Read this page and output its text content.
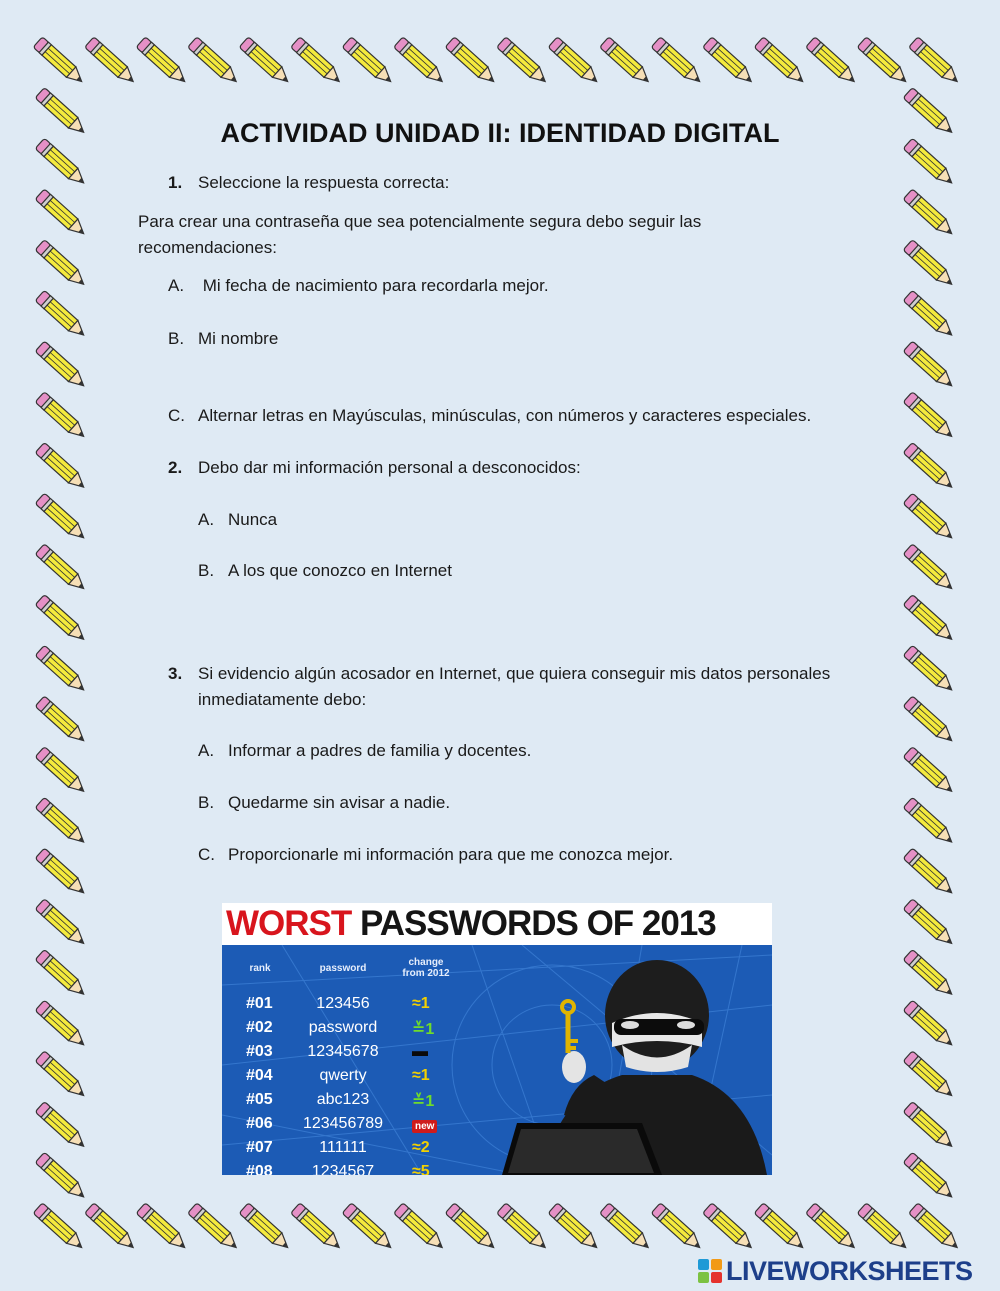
ACTIVIDAD UNIDAD II: IDENTIDAD DIGITAL
1. Seleccione la respuesta correcta:
Para crear una contraseña que sea potencialmente segura debo seguir las
recomendaciones:
A. Mi fecha de nacimiento para recordarla mejor.
B. Mi nombre
C. Alternar letras en Mayúsculas, minúsculas, con números y caracteres especiales.
2. Debo dar mi información personal a desconocidos:
A. Nunca
B. A los que conozco en Internet
3. Si evidencio algún acosador en Internet, que quiera conseguir mis datos personales
inmediatamente debo:
A. Informar a padres de familia y docentes.
B. Quedarme sin avisar a nadie.
C. Proporcionarle mi información para que me conozca mejor.
WORST PASSWORDS OF 2013
rank	password
change
from 2012
#01	123456	≈1
#02	password	≚1
#03	12345678	▬
#04	qwerty	≈1
#05	abc123	≚1
#06 123456789	new
#07	111111	≈2
#08	1234567	≈5
LIVEWORKSHEETS
